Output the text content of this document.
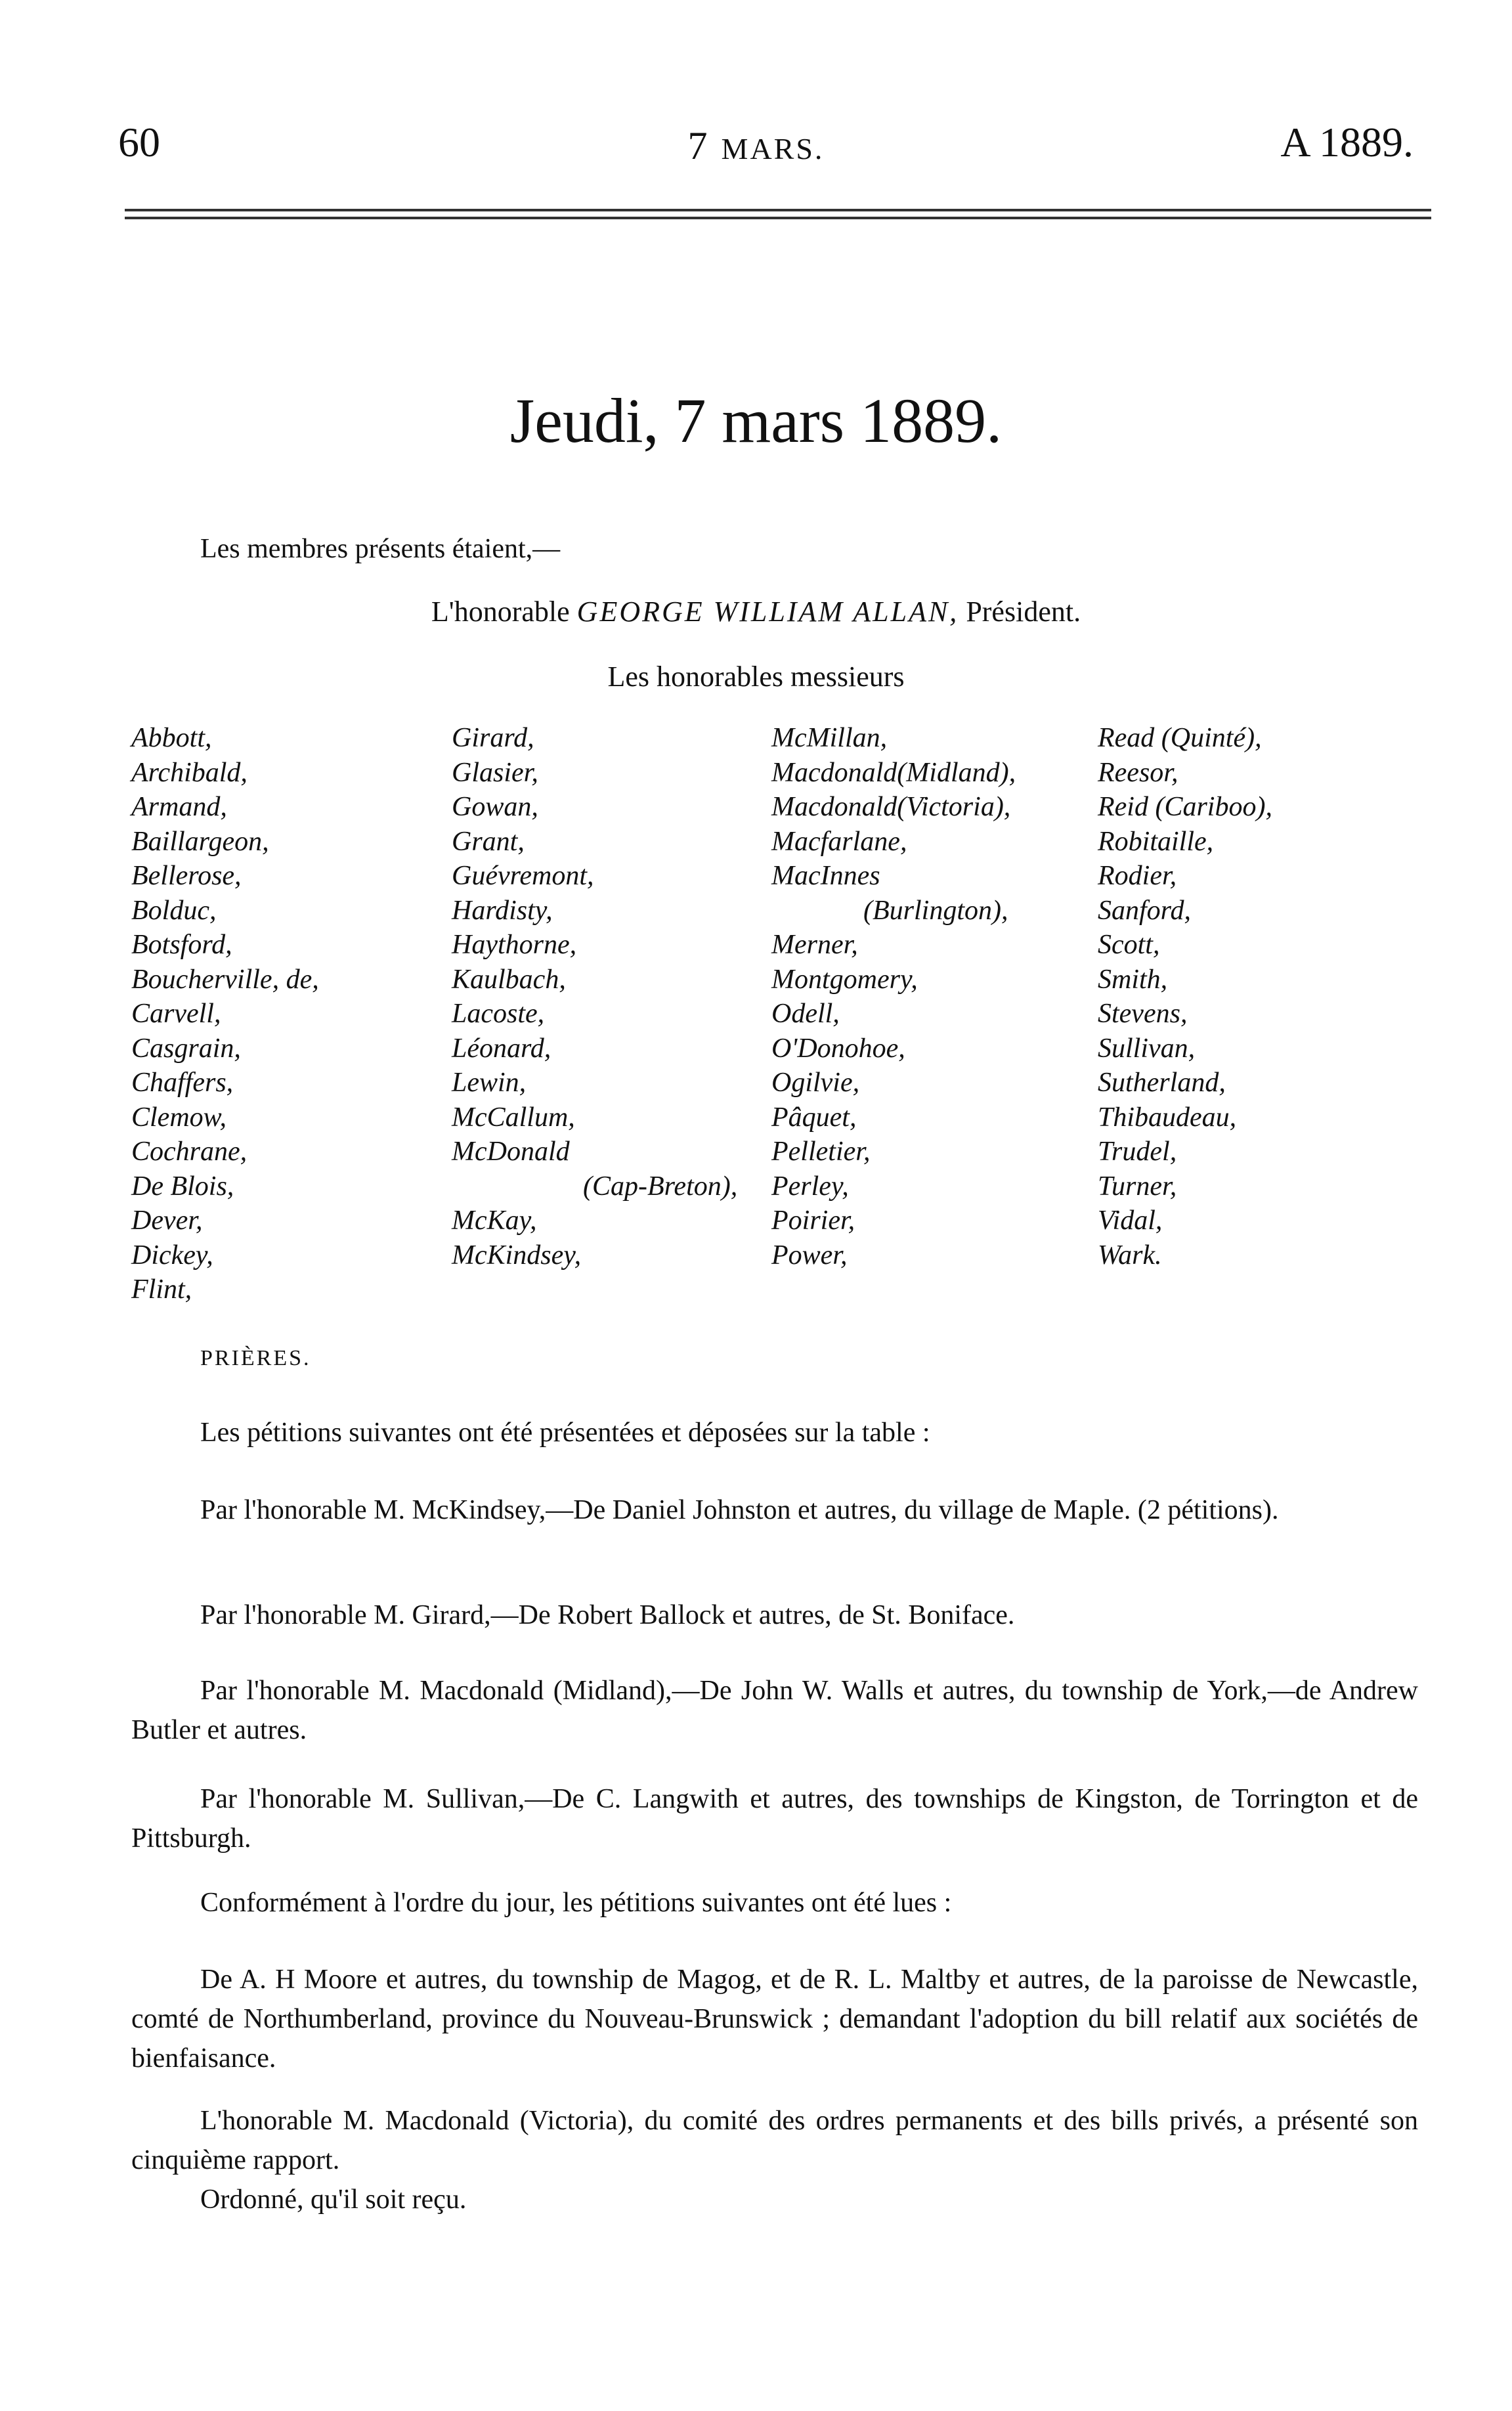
60	7 MARS.	A 1889.
Jeudi, 7 mars 1889.
Les membres présents étaient,—
L'honorable GEORGE WILLIAM ALLAN, Président.
Les honorables messieurs
Abbott,
Archibald,
Armand,
Baillargeon,
Bellerose,
Bolduc,
Botsford,
Boucherville, de,
Carvell,
Casgrain,
Chaffers,
Clemow,
Cochrane,
De Blois,
Dever,
Dickey,
Flint,
Girard,
Glasier,
Gowan,
Grant,
Guévremont,
Hardisty,
Haythorne,
Kaulbach,
Lacoste,
Léonard,
Lewin,
McCallum,
McDonald
(Cap-Breton),
McKay,
McKindsey,
McMillan,
Macdonald(Midland),
Macdonald(Victoria),
Macfarlane,
MacInnes
(Burlington),
Merner,
Montgomery,
Odell,
O'Donohoe,
Ogilvie,
Pâquet,
Pelletier,
Perley,
Poirier,
Power,
Read (Quinté),
Reesor,
Reid (Cariboo),
Robitaille,
Rodier,
Sanford,
Scott,
Smith,
Stevens,
Sullivan,
Sutherland,
Thibaudeau,
Trudel,
Turner,
Vidal,
Wark.
PRIÈRES.
Les pétitions suivantes ont été présentées et déposées sur la table :
Par l'honorable M. McKindsey,—De Daniel Johnston et autres, du village de Maple. (2 pétitions).
Par l'honorable M. Girard,—De Robert Ballock et autres, de St. Boniface.
Par l'honorable M. Macdonald (Midland),—De John W. Walls et autres, du township de York,—de Andrew Butler et autres.
Par l'honorable M. Sullivan,—De C. Langwith et autres, des townships de Kingston, de Torrington et de Pittsburgh.
Conformément à l'ordre du jour, les pétitions suivantes ont été lues :
De A. H Moore et autres, du township de Magog, et de R. L. Maltby et autres, de la paroisse de Newcastle, comté de Northumberland, province du Nouveau-Brunswick ; demandant l'adoption du bill relatif aux sociétés de bienfaisance.
L'honorable M. Macdonald (Victoria), du comité des ordres permanents et des bills privés, a présenté son cinquième rapport.
Ordonné, qu'il soit reçu.
